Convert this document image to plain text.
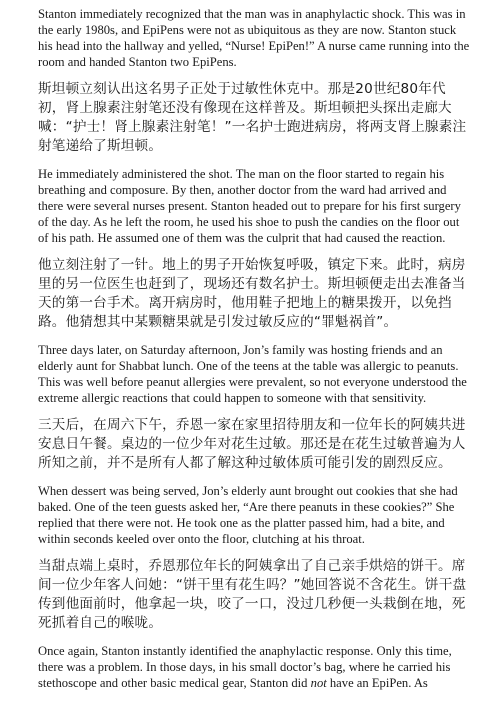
Stanton immediately recognized that the man was in anaphylactic shock. This was in the early 1980s, and EpiPens were not as ubiquitous as they are now. Stanton stuck his head into the hallway and yelled, “Nurse! EpiPen!” A nurse came running into the room and handed Stanton two EpiPens.

斯坦顿立刻认出这名男子正处于过敏性休克中。那是20世纪80年代初，肾上腺素注射笔还没有像现在这样普及。斯坦顿把头探出走廊大喊：“护士！肾上腺素注射笔！”一名护士跑进病房，将两支肾上腺素注射笔递给了斯坦顿。

He immediately administered the shot. The man on the floor started to regain his breathing and composure. By then, another doctor from the ward had arrived and there were several nurses present. Stanton headed out to prepare for his first surgery of the day. As he left the room, he used his shoe to push the candies on the floor out of his path. He assumed one of them was the culprit that had caused the reaction.

他立刻注射了一针。地上的男子开始恢复呼吸，镇定下来。此时，病房里的另一位医生也赶到了，现场还有数名护士。斯坦顿便走出去准备当天的第一台手术。离开病房时，他用鞋子把地上的糖果拨开，以免挡路。他猜想其中某颗糖果就是引发过敏反应的“罪魁祸首”。

Three days later, on Saturday afternoon, Jon’s family was hosting friends and an elderly aunt for Shabbat lunch. One of the teens at the table was allergic to peanuts. This was well before peanut allergies were prevalent, so not everyone understood the extreme allergic reactions that could happen to someone with that sensitivity.

三天后，在周六下午，乔恩一家在家里招待朋友和一位年长的阿姨共进安息日午餐。桌边的一位少年对花生过敏。那还是在花生过敏普遍为人所知之前，并不是所有人都了解这种过敏体质可能引发的剧烈反应。

When dessert was being served, Jon’s elderly aunt brought out cookies that she had baked. One of the teen guests asked her, “Are there peanuts in these cookies?” She replied that there were not. He took one as the platter passed him, had a bite, and within seconds keeled over onto the floor, clutching at his throat.

当甜点端上桌时，乔恩那位年长的阿姨拿出了自己亲手烘焙的饼干。席间一位少年客人问她：“饼干里有花生吗？”她回答说不含花生。饼干盘传到他面前时，他拿起一块，咬了一口，没过几秒便一头栽倒在地，死死抓着自己的喉咙。

Once again, Stanton instantly identified the anaphylactic response. Only this time, there was a problem. In those days, in his small doctor’s bag, where he carried his stethoscope and other basic medical gear, Stanton did not have an EpiPen. As
